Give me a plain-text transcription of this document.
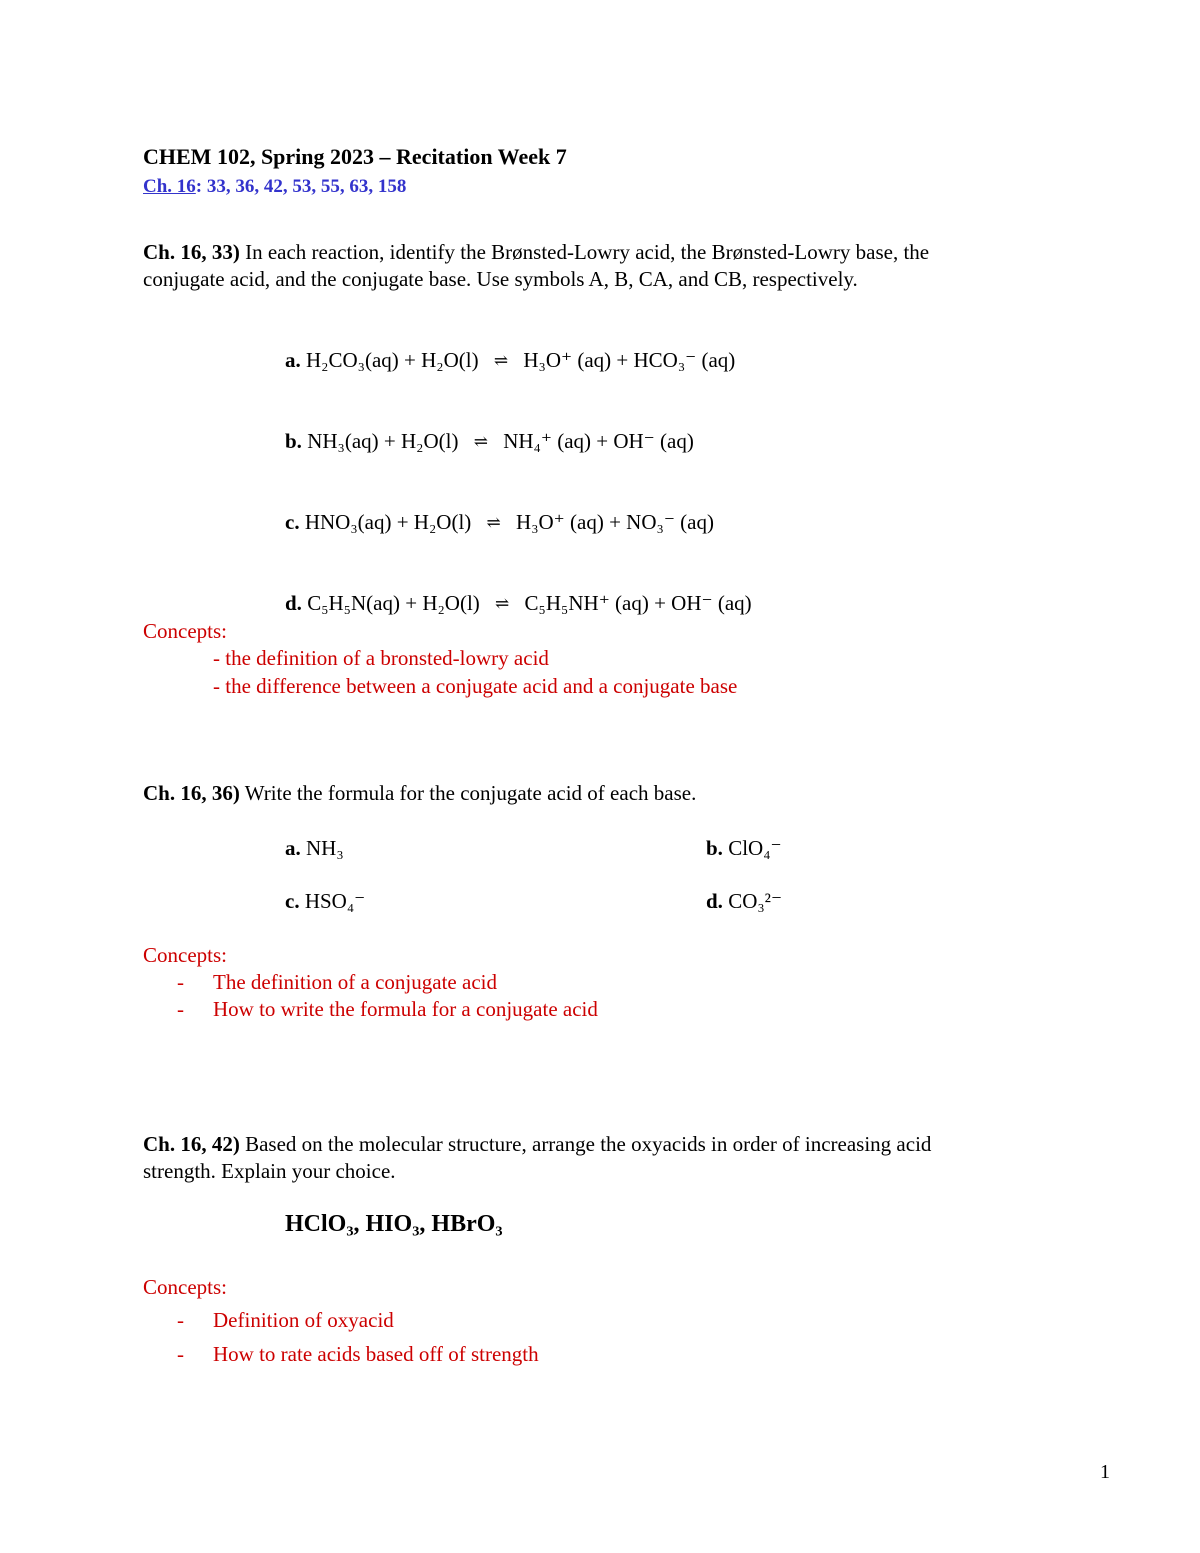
CHEM 102, Spring 2023 – Recitation Week 7
Ch. 16: 33, 36, 42, 53, 55, 63, 158
Ch. 16, 33) In each reaction, identify the Brønsted-Lowry acid, the Brønsted-Lowry base, the
conjugate acid, and the conjugate base. Use symbols A, B, CA, and CB, respectively.
a. H₂CO₃(aq) + H₂O(l) ⇌ H₃O⁺ (aq) + HCO₃⁻ (aq)
b. NH₃(aq) + H₂O(l) ⇌ NH₄⁺ (aq) + OH⁻ (aq)
c. HNO₃(aq) + H₂O(l) ⇌ H₃O⁺ (aq) + NO₃⁻ (aq)
d. C₅H₅N(aq) + H₂O(l) ⇌ C₅H₅NH⁺ (aq) + OH⁻ (aq)
Concepts:
- the definition of a bronsted-lowry acid
- the difference between a conjugate acid and a conjugate base
Ch. 16, 36) Write the formula for the conjugate acid of each base.
a. NH₃	b. ClO₄⁻
c. HSO₄⁻	d. CO₃²⁻
Concepts:
- The definition of a conjugate acid
- How to write the formula for a conjugate acid
Ch. 16, 42) Based on the molecular structure, arrange the oxyacids in order of increasing acid
strength. Explain your choice.
HClO₃, HIO₃, HBrO₃
Concepts:
- Definition of oxyacid
- How to rate acids based off of strength
1
